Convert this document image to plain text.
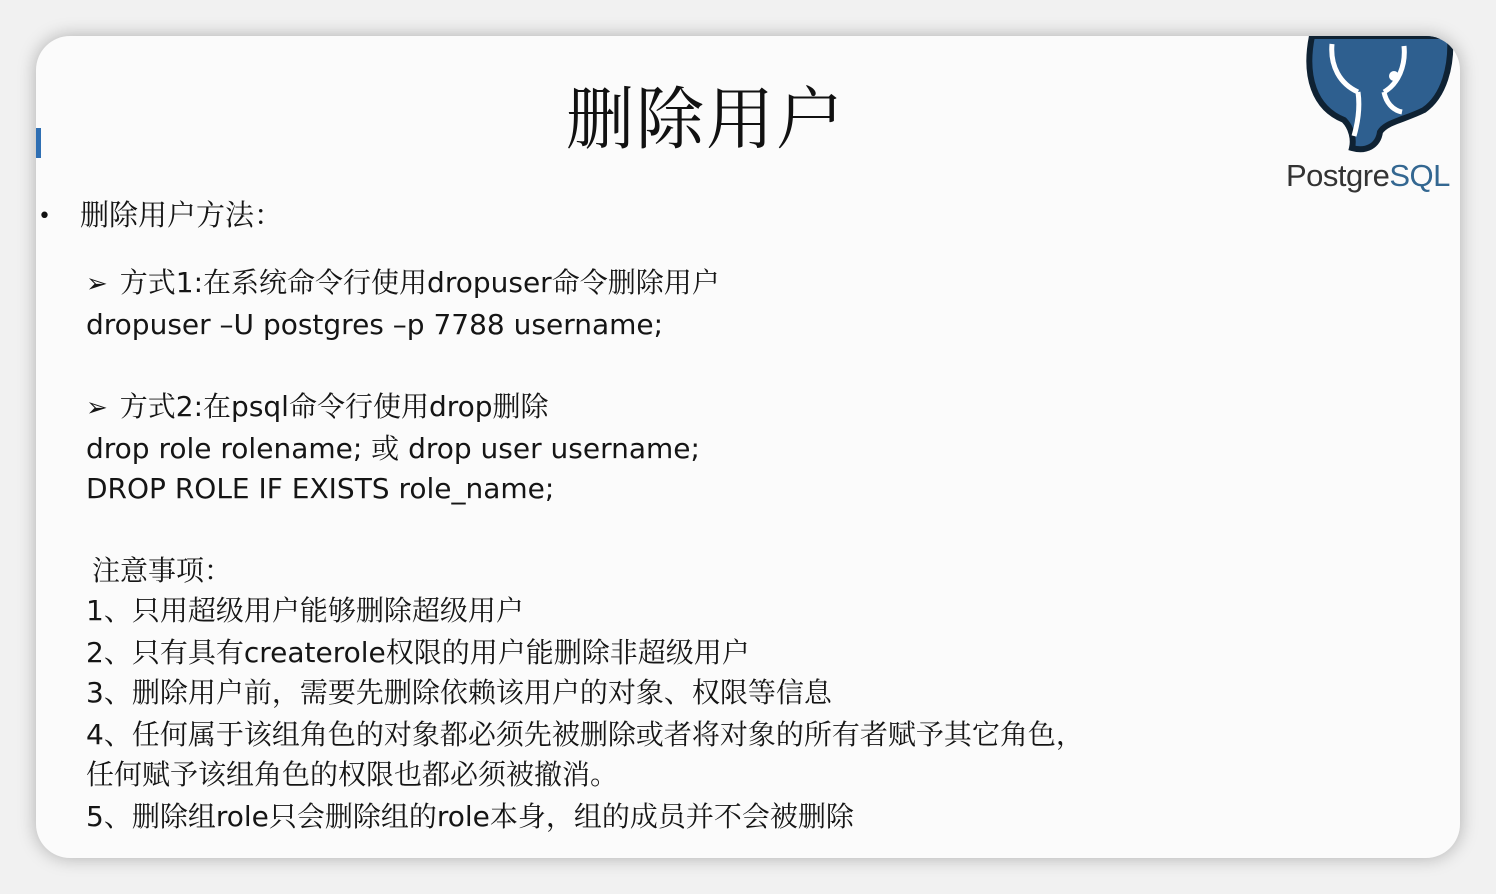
删除用户
PostgreSQL
• 删除用户方法：
➢ 方式1:在系统命令行使用dropuser命令删除用户
dropuser –U postgres –p 7788 username;
➢ 方式2:在psql命令行使用drop删除
drop role rolename; 或 drop user username;
DROP ROLE IF EXISTS role_name;
注意事项：
1、只用超级用户能够删除超级用户
2、只有具有createrole权限的用户能删除非超级用户
3、删除用户前，需要先删除依赖该用户的对象、权限等信息
4、任何属于该组角色的对象都必须先被删除或者将对象的所有者赋予其它角色，
任何赋予该组角色的权限也都必须被撤消。
5、删除组role只会删除组的role本身，组的成员并不会被删除
